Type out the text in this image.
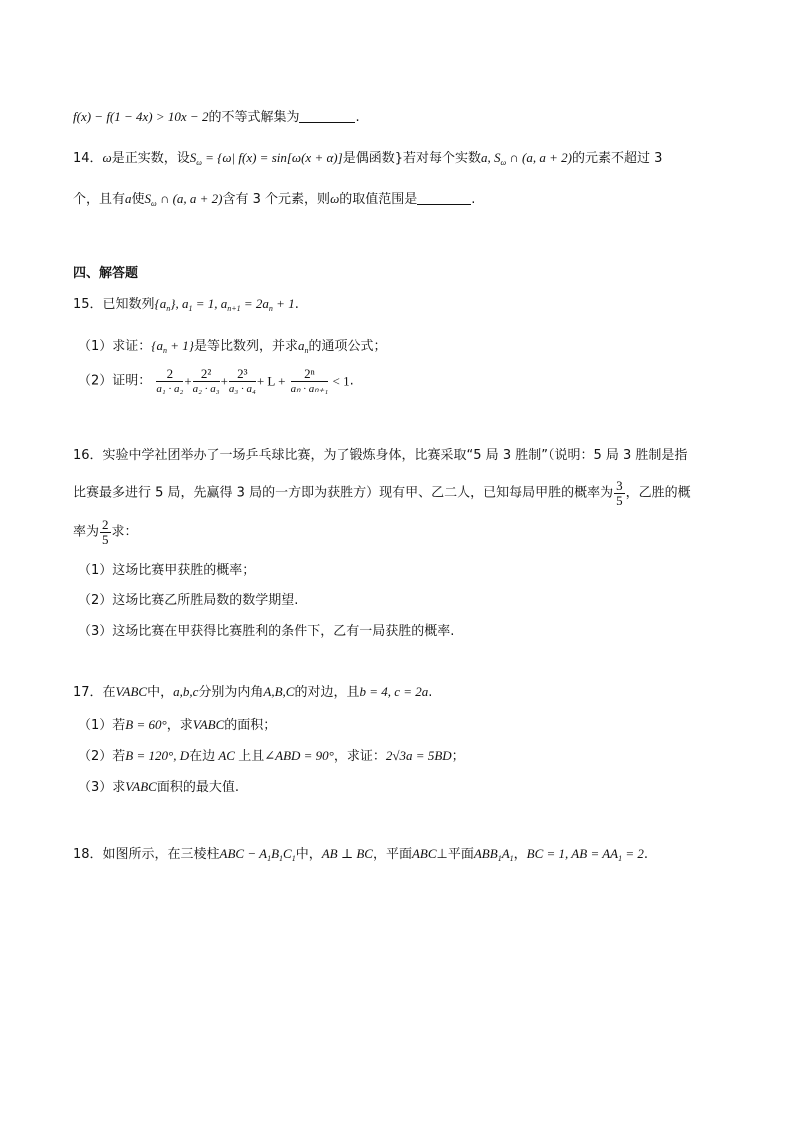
f(x) − f(1 − 4x) > 10x − 2的不等式解集为	.
14．ω是正实数，设$S_\omega = \{\omega|$ f(x) = sin[ω(x + α)]是偶函数}若对每个实数a, $S_\omega$ ∩ (a, a + 2)的元素不超过 3
个，且有a使$S_\omega$ ∩ (a, a + 2)含有 3 个元素，则ω的取值范围是	.
四、解答题
15．已知数列$\{a_n\}$, $a_1 = 1$, $a_{n+1} = 2a_n + 1$.
（1）求证：$\{a_n + 1\}$是等比数列，并求$a_n$的通项公式；
（2）证明： $\frac{2}{\text{a₁ · a₂}} + \frac{\text{2²}}{\text{a₂ · a₃}} + \frac{\text{2³}}{\text{a₃ · a₄}} + L + \frac{\text{2ⁿ}}{\text{aₙ · aₙ₊₁}} < 1$.
16．实验中学社团举办了一场乒乓球比赛，为了锻炼身体，比赛采取“5 局 3 胜制”（说明：5 局 3 胜制是指
比赛最多进行 5 局，先赢得 3 局的一方即为获胜方）现有甲、乙二人，已知每局甲胜的概率为 $\frac{3}{5}$ ，乙胜的概
率为 $\frac{2}{5}$ 求：
（1）这场比赛甲获胜的概率；
（2）这场比赛乙所胜局数的数学期望.
（3）这场比赛在甲获得比赛胜利的条件下，乙有一局获胜的概率.
17．在VABC中，a,b,c分别为内角A,B,C的对边，且b = 4, c = 2a.
（1）若B = 60°，求VABC的面积；
（2）若B = 120°, D在边 AC 上且∠ABD = 90°，求证：2√3a = 5BD；
（3）求VABC面积的最大值.
18．如图所示，在三棱柱ABC − $A_1B_1C_1$中，AB ⊥ BC，平面ABC⊥平面$ABB_1A_1$，BC = 1, AB = $AA_1 = 2$.
